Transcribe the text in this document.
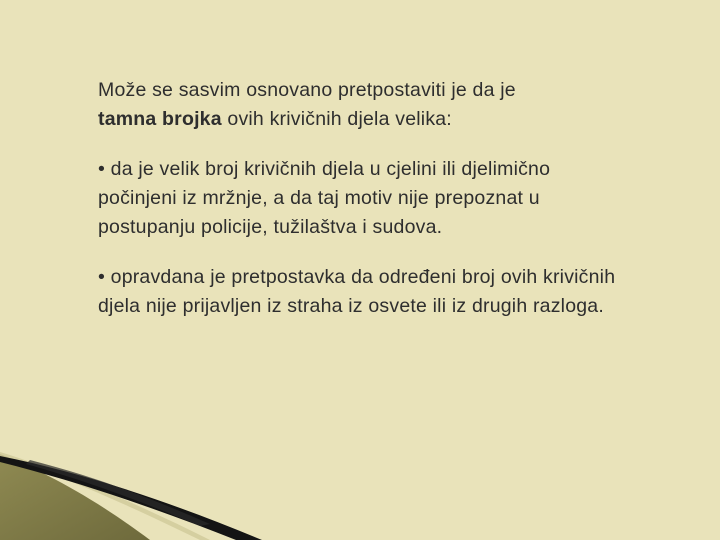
Može se sasvim osnovano pretpostaviti je da je
tamna brojka ovih krivičnih djela velika:

• da je velik broj krivičnih djela u cjelini ili djelimično počinjeni iz mržnje, a da taj motiv nije prepoznat u postupanju policije, tužilaštva i sudova.

• opravdana je pretpostavka da određeni broj ovih krivičnih djela nije prijavljen iz straha iz osvete ili iz drugih razloga.
